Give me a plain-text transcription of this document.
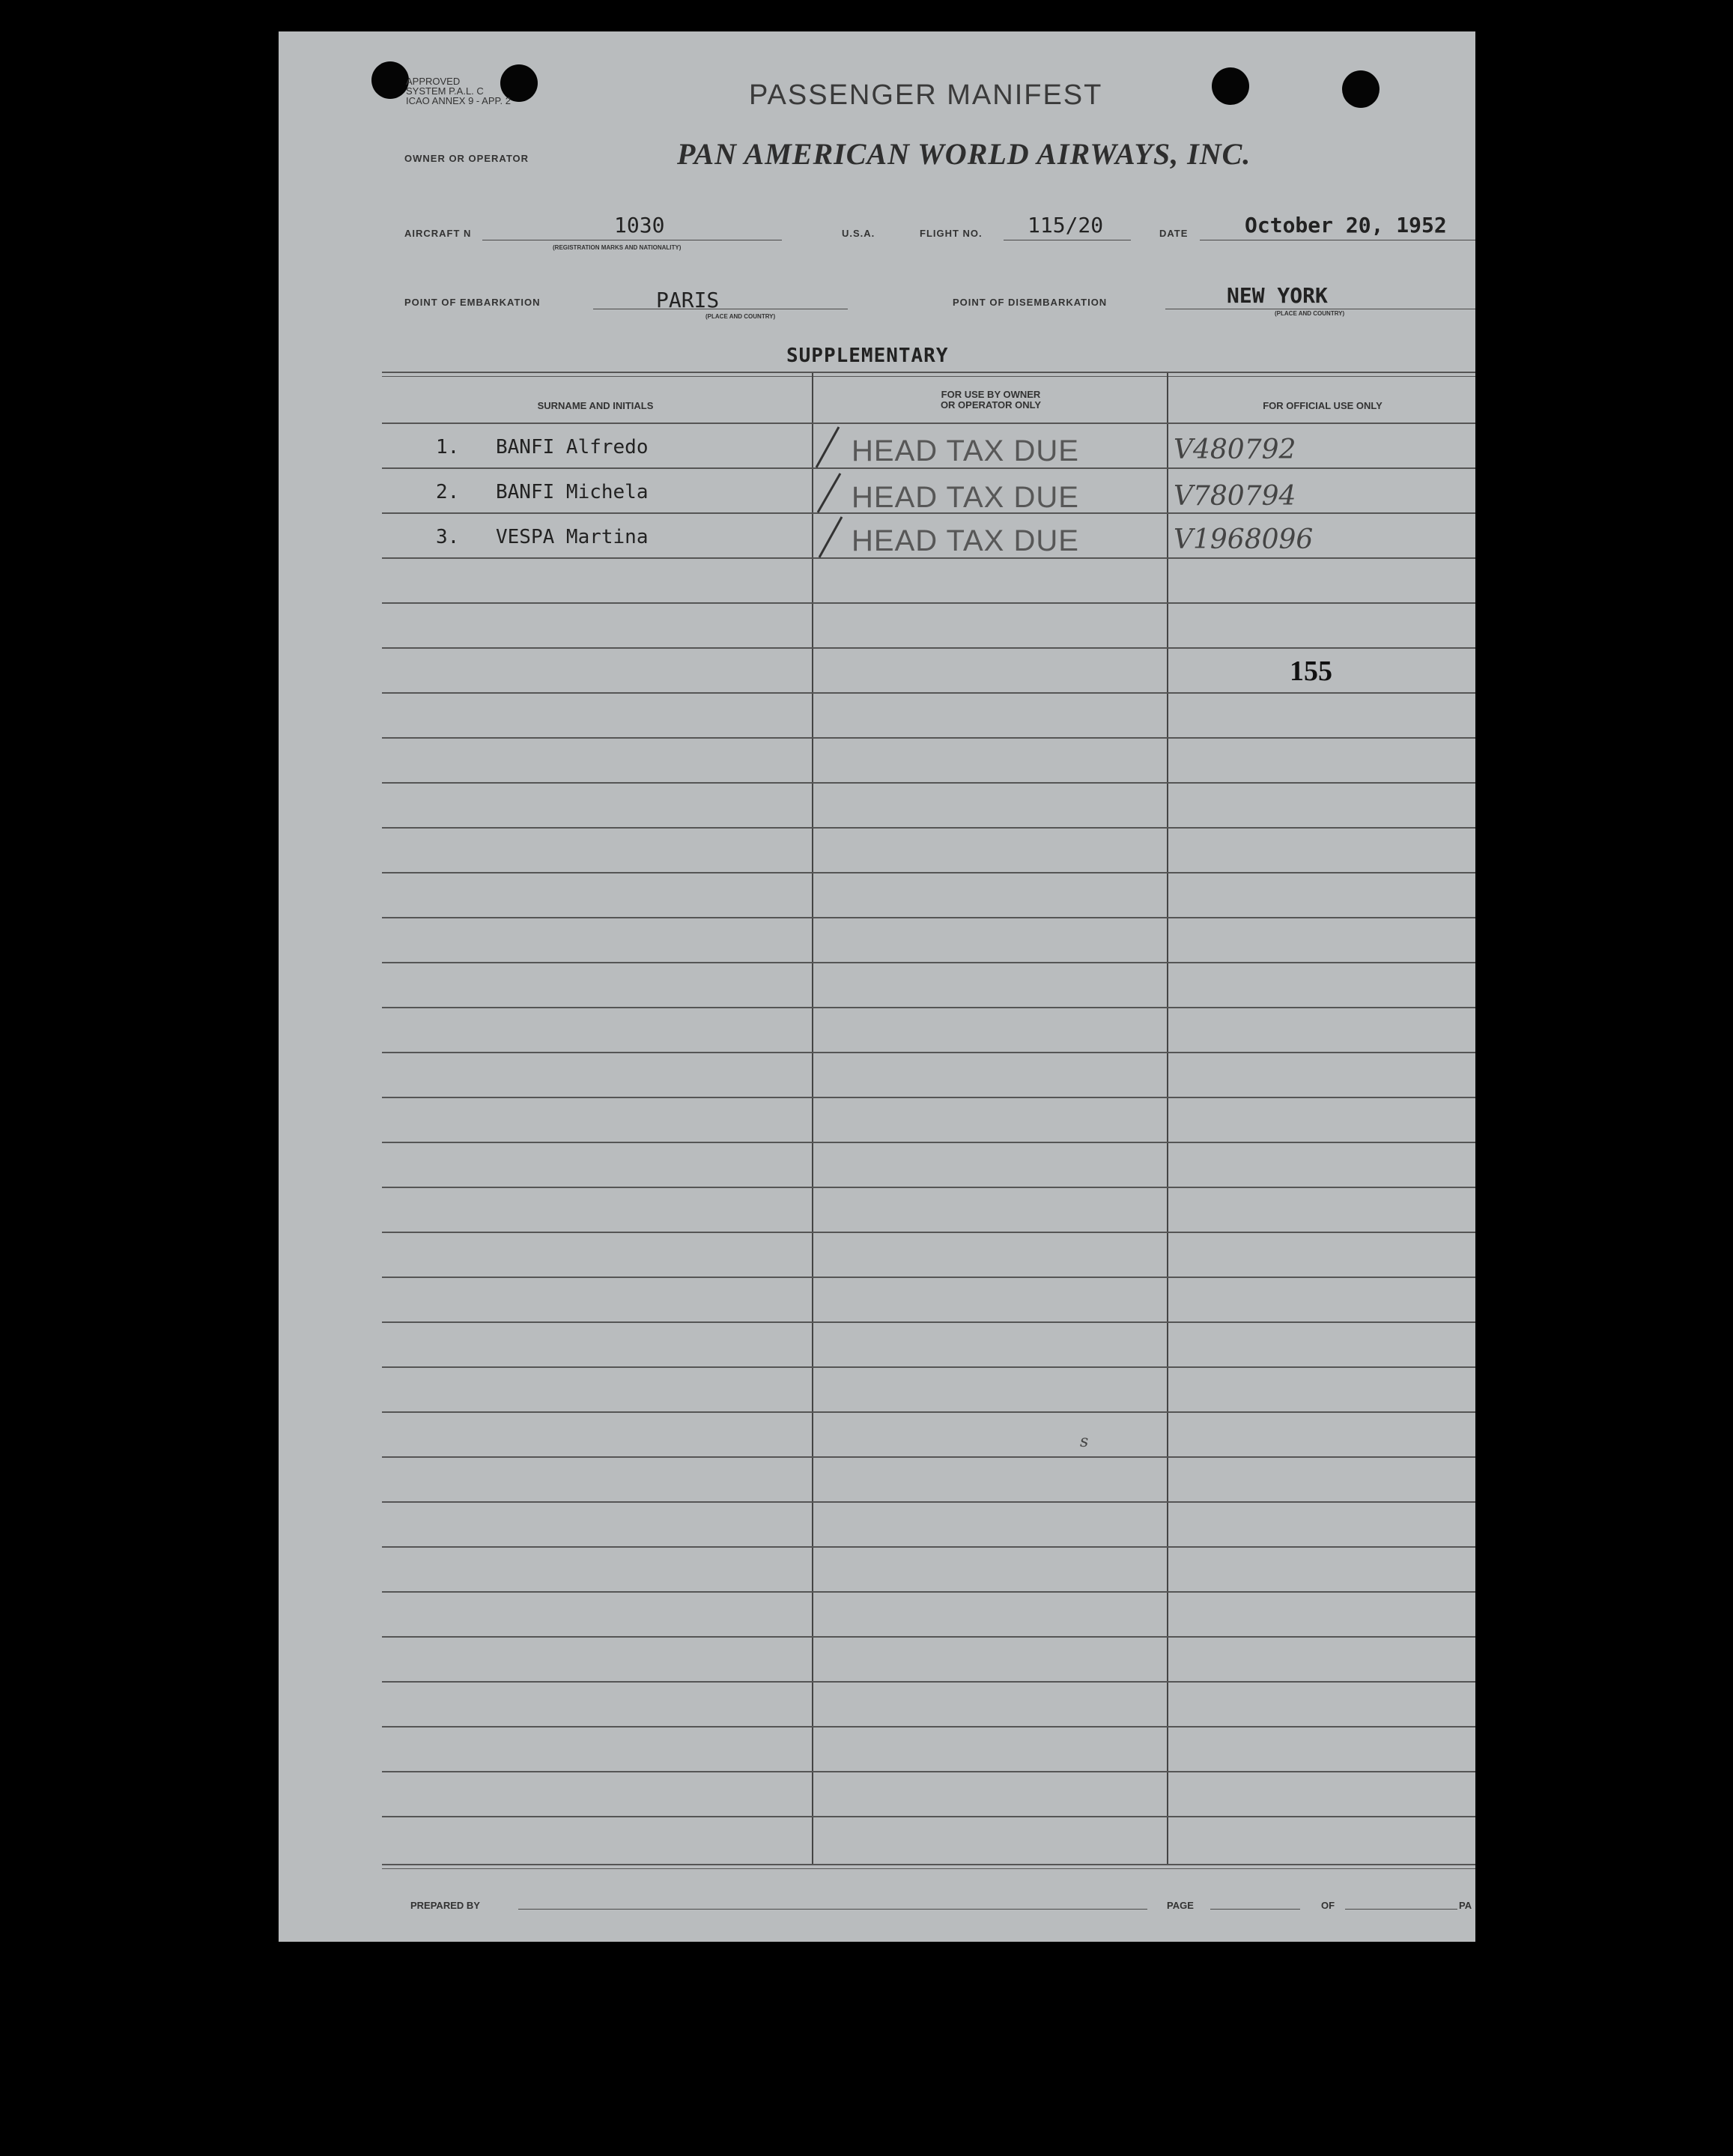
APPROVED
SYSTEM P.A.L. C
ICAO ANNEX 9 - APP. 2	PASSENGER MANIFEST
OWNER OR OPERATOR	PAN AMERICAN WORLD AIRWAYS, INC.
AIRCRAFT N	1030
(REGISTRATION MARKS AND NATIONALITY)
U.S.A.	FLIGHT NO. 115/20	DATE	October 20, 1952
POINT OF EMBARKATION	PARIS
(PLACE AND COUNTRY)
POINT OF DISEMBARKATION	NEW YORK
(PLACE AND COUNTRY)
SUPPLEMENTARY
SURNAME AND INITIALS
FOR USE BY OWNER
OR OPERATOR ONLY	FOR OFFICIAL USE ONLY
1. BANFI Alfredo	HEAD TAX DUE	V480792
2. BANFI Michela	HEAD TAX DUE	V780794
3. VESPA Martina	HEAD TAX DUE	V1968096
155
s
PREPARED BY	PAGE	OF	PA
